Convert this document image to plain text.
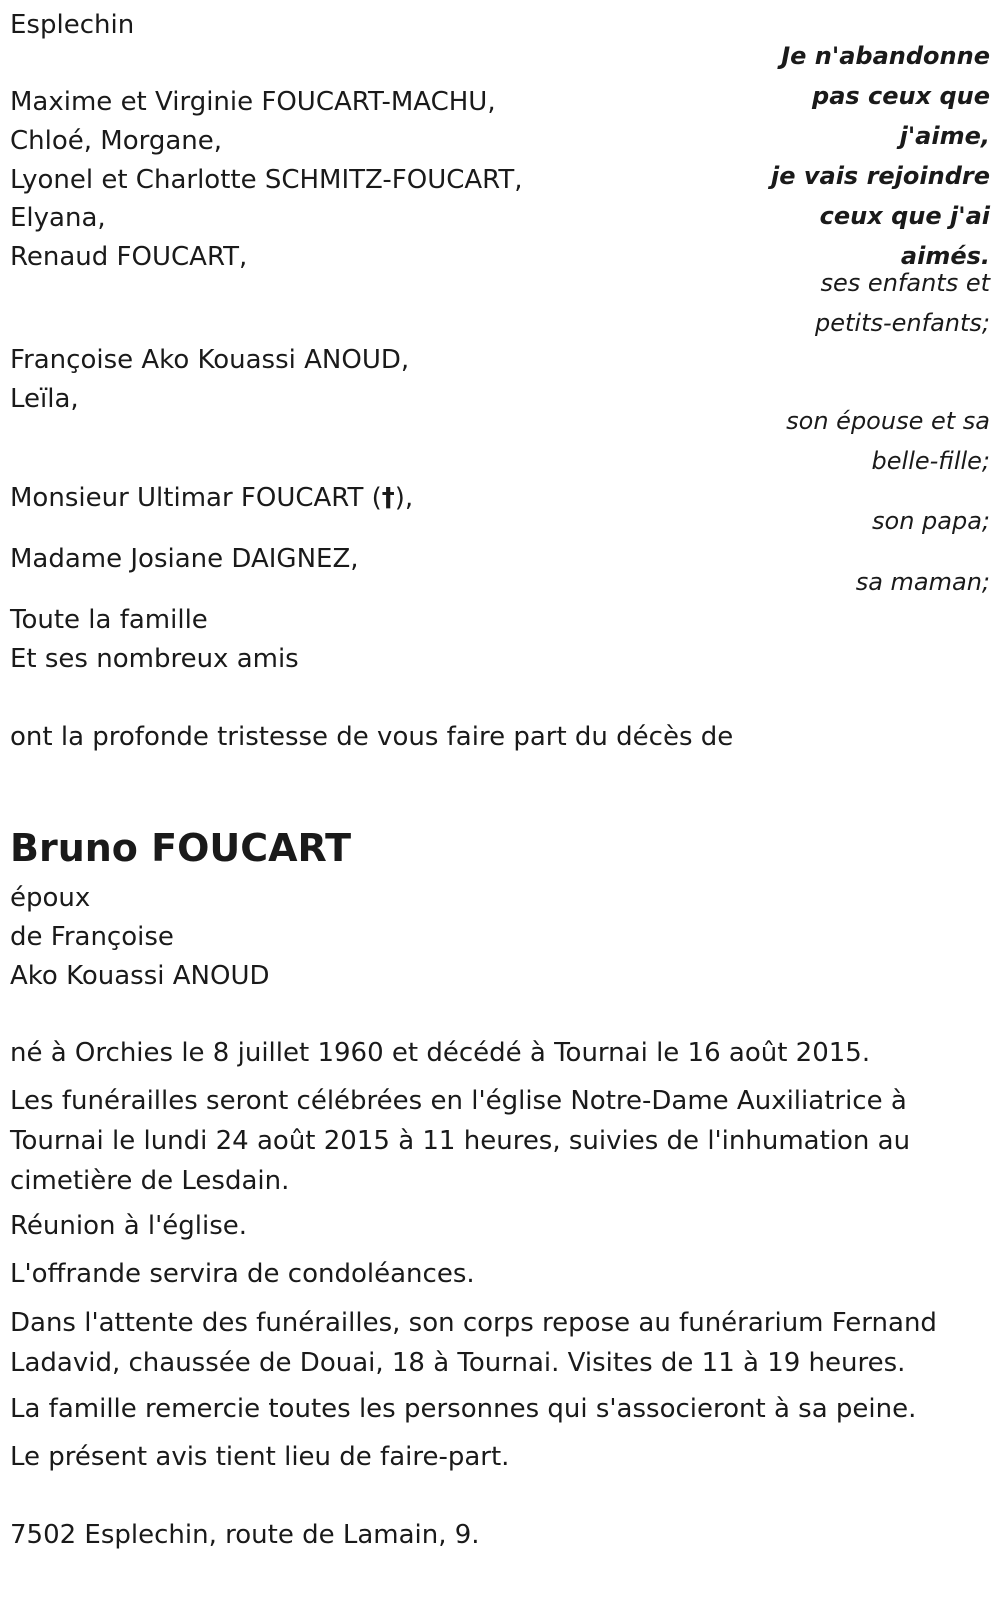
Esplechin

Maxime et Virginie FOUCART-MACHU,

Chloé, Morgane,

Lyonel et Charlotte SCHMITZ-FOUCART,

Elyana,

Renaud FOUCART,

Françoise Ako Kouassi ANOUD,

Leïla,

Monsieur Ultimar FOUCART (†),

Madame Josiane DAIGNEZ,

Toute la famille

Et ses nombreux amis

ont la profonde tristesse de vous faire part du décès de

Bruno FOUCART

époux

de Françoise

Ako Kouassi ANOUD

né à Orchies le 8 juillet 1960 et décédé à Tournai le 16 août 2015.

Les funérailles seront célébrées en l'église Notre-Dame Auxiliatrice à Tournai le lundi 24 août 2015 à 11 heures, suivies de l'inhumation au cimetière de Lesdain.

Réunion à l'église.

L'offrande servira de condoléances.

Dans l'attente des funérailles, son corps repose au funérarium Fernand Ladavid, chaussée de Douai, 18 à Tournai. Visites de 11 à 19 heures.

La famille remercie toutes les personnes qui s'associeront à sa peine.

Le présent avis tient lieu de faire-part.

7502 Esplechin, route de Lamain, 9.

Je n'abandonne
pas ceux que
j'aime,
je vais rejoindre
ceux que j'ai
aimés.
ses enfants et
petits-enfants;
son épouse et sa
belle-fille;
son papa;
sa maman;
